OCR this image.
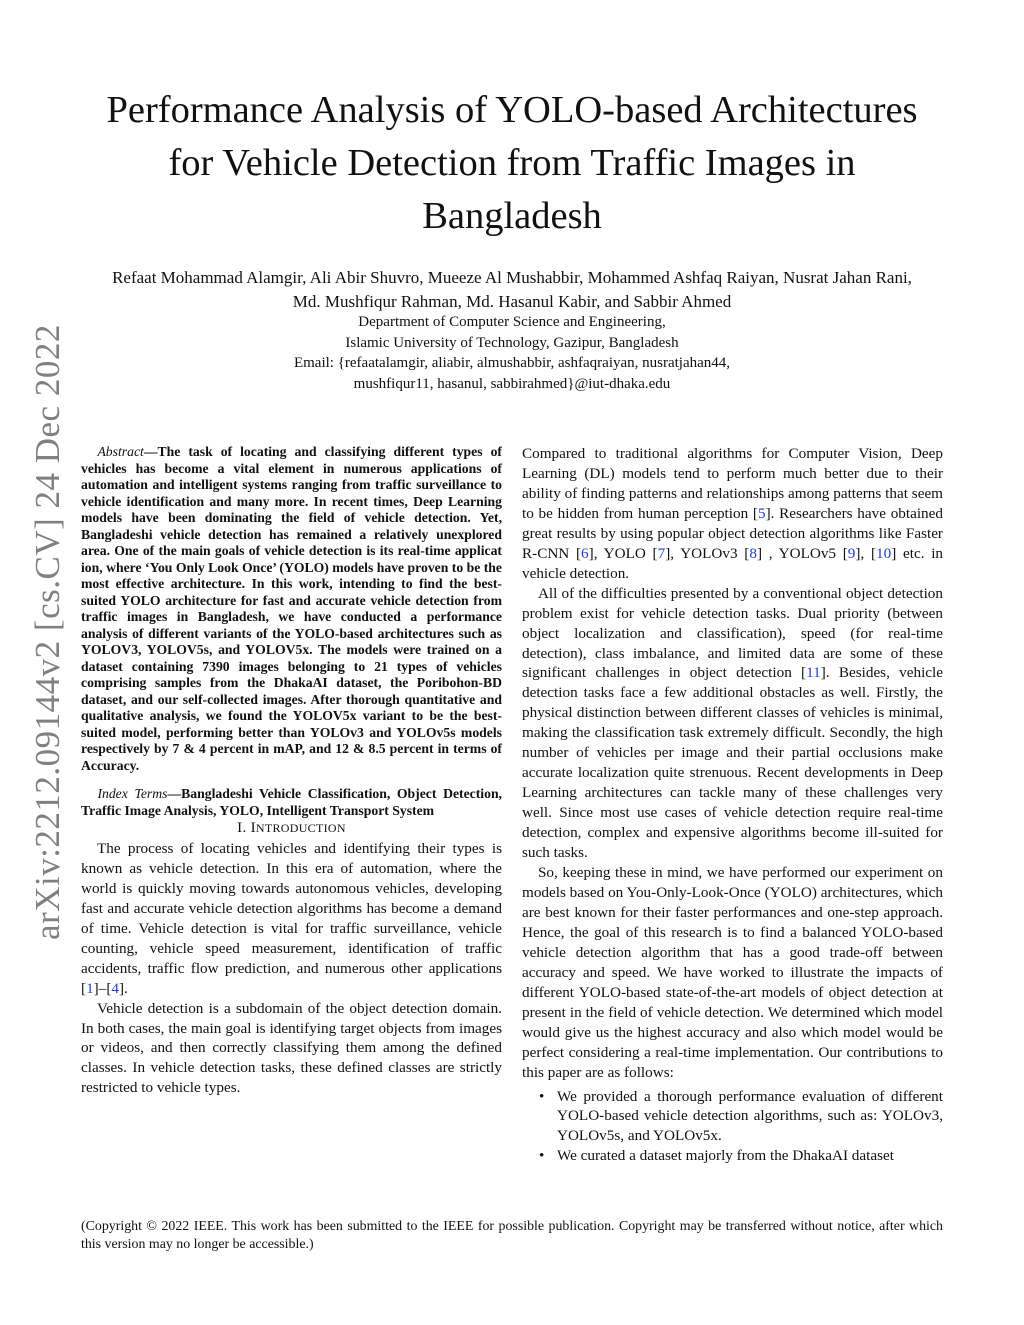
arXiv:2212.09144v2 [cs.CV] 24 Dec 2022
Performance Analysis of YOLO-based Architectures for Vehicle Detection from Traffic Images in Bangladesh
Refaat Mohammad Alamgir, Ali Abir Shuvro, Mueeze Al Mushabbir, Mohammed Ashfaq Raiyan, Nusrat Jahan Rani,
Md. Mushfiqur Rahman, Md. Hasanul Kabir, and Sabbir Ahmed
Department of Computer Science and Engineering,
Islamic University of Technology, Gazipur, Bangladesh
Email: {refaatalamgir, aliabir, almushabbir, ashfaqraiyan, nusratjahan44,
mushfiqur11, hasanul, sabbirahmed}@iut-dhaka.edu

Abstract—The task of locating and classifying different types of vehicles has become a vital element in numerous applications of automation and intelligent systems ranging from traffic surveillance to vehicle identification and many more. In recent times, Deep Learning models have been dominating the field of vehicle detection. Yet, Bangladeshi vehicle detection has remained a relatively unexplored area. One of the main goals of vehicle detection is its real-time applicat ion, where ‘You Only Look Once’ (YOLO) models have proven to be the most effective architecture. In this work, intending to find the best-suited YOLO architecture for fast and accurate vehicle detection from traffic images in Bangladesh, we have conducted a performance analysis of different variants of the YOLO-based architectures such as YOLOV3, YOLOV5s, and YOLOV5x. The models were trained on a dataset containing 7390 images belonging to 21 types of vehicles comprising samples from the DhakaAI dataset, the Poribohon-BD dataset, and our self-collected images. After thorough quantitative and qualitative analysis, we found the YOLOV5x variant to be the best-suited model, performing better than YOLOv3 and YOLOv5s models respectively by 7 & 4 percent in mAP, and 12 & 8.5 percent in terms of Accuracy.

Index Terms—Bangladeshi Vehicle Classification, Object Detection, Traffic Image Analysis, YOLO, Intelligent Transport System

I. INTRODUCTION

The process of locating vehicles and identifying their types is known as vehicle detection. In this era of automation, where the world is quickly moving towards autonomous vehicles, developing fast and accurate vehicle detection algorithms has become a demand of time. Vehicle detection is vital for traffic surveillance, vehicle counting, vehicle speed measurement, identification of traffic accidents, traffic flow prediction, and numerous other applications [1]–[4].

Vehicle detection is a subdomain of the object detection domain. In both cases, the main goal is identifying target objects from images or videos, and then correctly classifying them among the defined classes. In vehicle detection tasks, these defined classes are strictly restricted to vehicle types.

Compared to traditional algorithms for Computer Vision, Deep Learning (DL) models tend to perform much better due to their ability of finding patterns and relationships among patterns that seem to be hidden from human perception [5]. Researchers have obtained great results by using popular object detection algorithms like Faster R-CNN [6], YOLO [7], YOLOv3 [8] , YOLOv5 [9], [10] etc. in vehicle detection.

All of the difficulties presented by a conventional object detection problem exist for vehicle detection tasks. Dual priority (between object localization and classification), speed (for real-time detection), class imbalance, and limited data are some of these significant challenges in object detection [11]. Besides, vehicle detection tasks face a few additional obstacles as well. Firstly, the physical distinction between different classes of vehicles is minimal, making the classification task extremely difficult. Secondly, the high number of vehicles per image and their partial occlusions make accurate localization quite strenuous. Recent developments in Deep Learning architectures can tackle many of these challenges very well. Since most use cases of vehicle detection require real-time detection, complex and expensive algorithms become ill-suited for such tasks.

So, keeping these in mind, we have performed our experiment on models based on You-Only-Look-Once (YOLO) architectures, which are best known for their faster performances and one-step approach. Hence, the goal of this research is to find a balanced YOLO-based vehicle detection algorithm that has a good trade-off between accuracy and speed. We have worked to illustrate the impacts of different YOLO-based state-of-the-art models of object detection at present in the field of vehicle detection. We determined which model would give us the highest accuracy and also which model would be perfect considering a real-time implementation. Our contributions to this paper are as follows:

• We provided a thorough performance evaluation of different YOLO-based vehicle detection algorithms, such as: YOLOv3, YOLOv5s, and YOLOv5x.
• We curated a dataset majorly from the DhakaAI dataset
(Copyright © 2022 IEEE. This work has been submitted to the IEEE for possible publication. Copyright may be transferred without notice, after which this version may no longer be accessible.)
